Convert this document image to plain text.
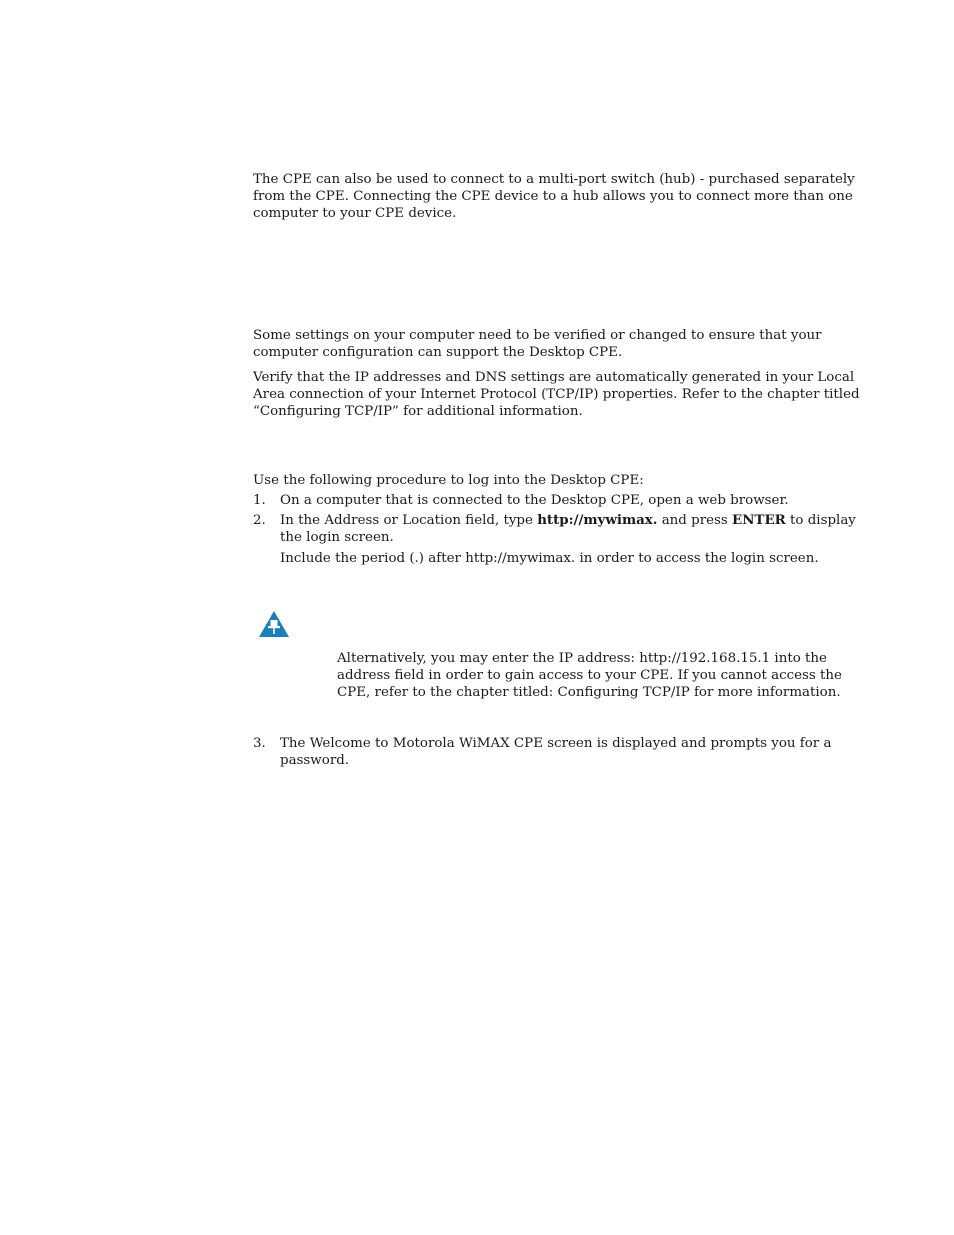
The CPE can also be used to connect to a multi-port switch (hub) - purchased separately from the CPE. Connecting the CPE device to a hub allows you to connect more than one computer to your CPE device.

Some settings on your computer need to be verified or changed to ensure that your computer configuration can support the Desktop CPE.

Verify that the IP addresses and DNS settings are automatically generated in your Local Area connection of your Internet Protocol (TCP/IP) properties. Refer to the chapter titled “Configuring TCP/IP” for additional information.

Use the following procedure to log into the Desktop CPE:

1. On a computer that is connected to the Desktop CPE, open a web browser.

2. In the Address or Location field, type http://mywimax. and press ENTER to display the login screen.

Include the period (.) after http://mywimax. in order to access the login screen.

Alternatively, you may enter the IP address: http://192.168.15.1 into the address field in order to gain access to your CPE. If you cannot access the CPE, refer to the chapter titled: Configuring TCP/IP for more information.

3. The Welcome to Motorola WiMAX CPE screen is displayed and prompts you for a password.
